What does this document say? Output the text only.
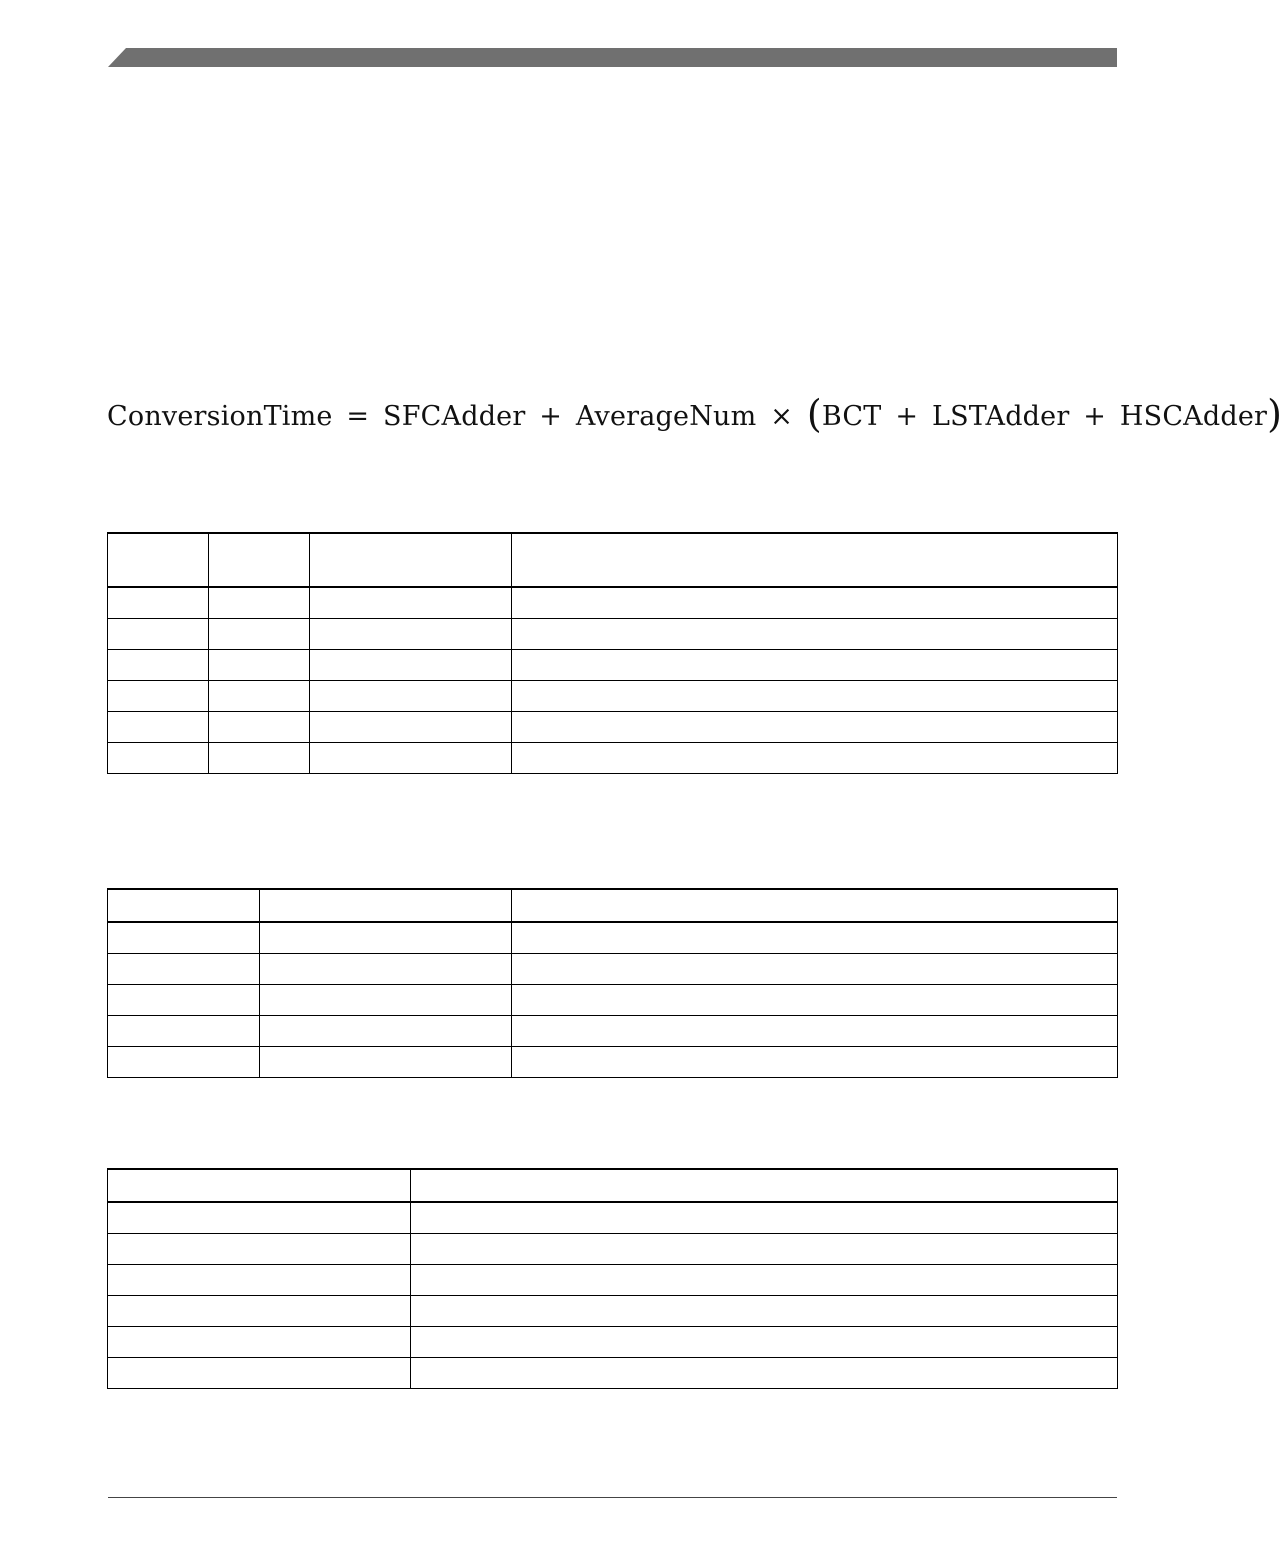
ConversionTime = SFCAdder + AverageNum × (BCT + LSTAdder + HSCAdder)
